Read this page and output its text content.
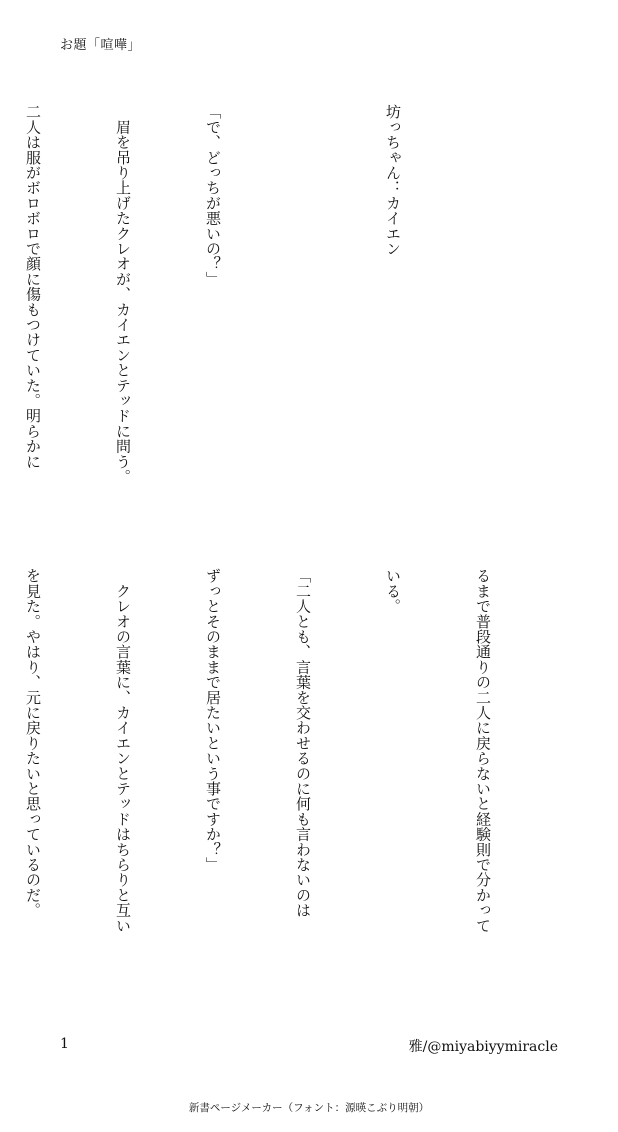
お題「喧嘩」

坊っちゃん：カイエン

「で、どっちが悪いの？」

　眉を吊り上げたクレオが、カイエンとテッドに問う。

二人は服がボロボロで顔に傷もつけていた。明らかに

るまで普段通りの二人に戻らないと経験則で分かって

いる。

「二人とも、言葉を交わせるのに何も言わないのは

ずっとそのままで居たいという事ですか？」

　クレオの言葉に、カイエンとテッドはちらりと互い

を見た。やはり、元に戻りたいと思っているのだ。

1	雅/@miyabiyymiracle
新書ページメーカー（フォント：源暎こぶり明朝）
